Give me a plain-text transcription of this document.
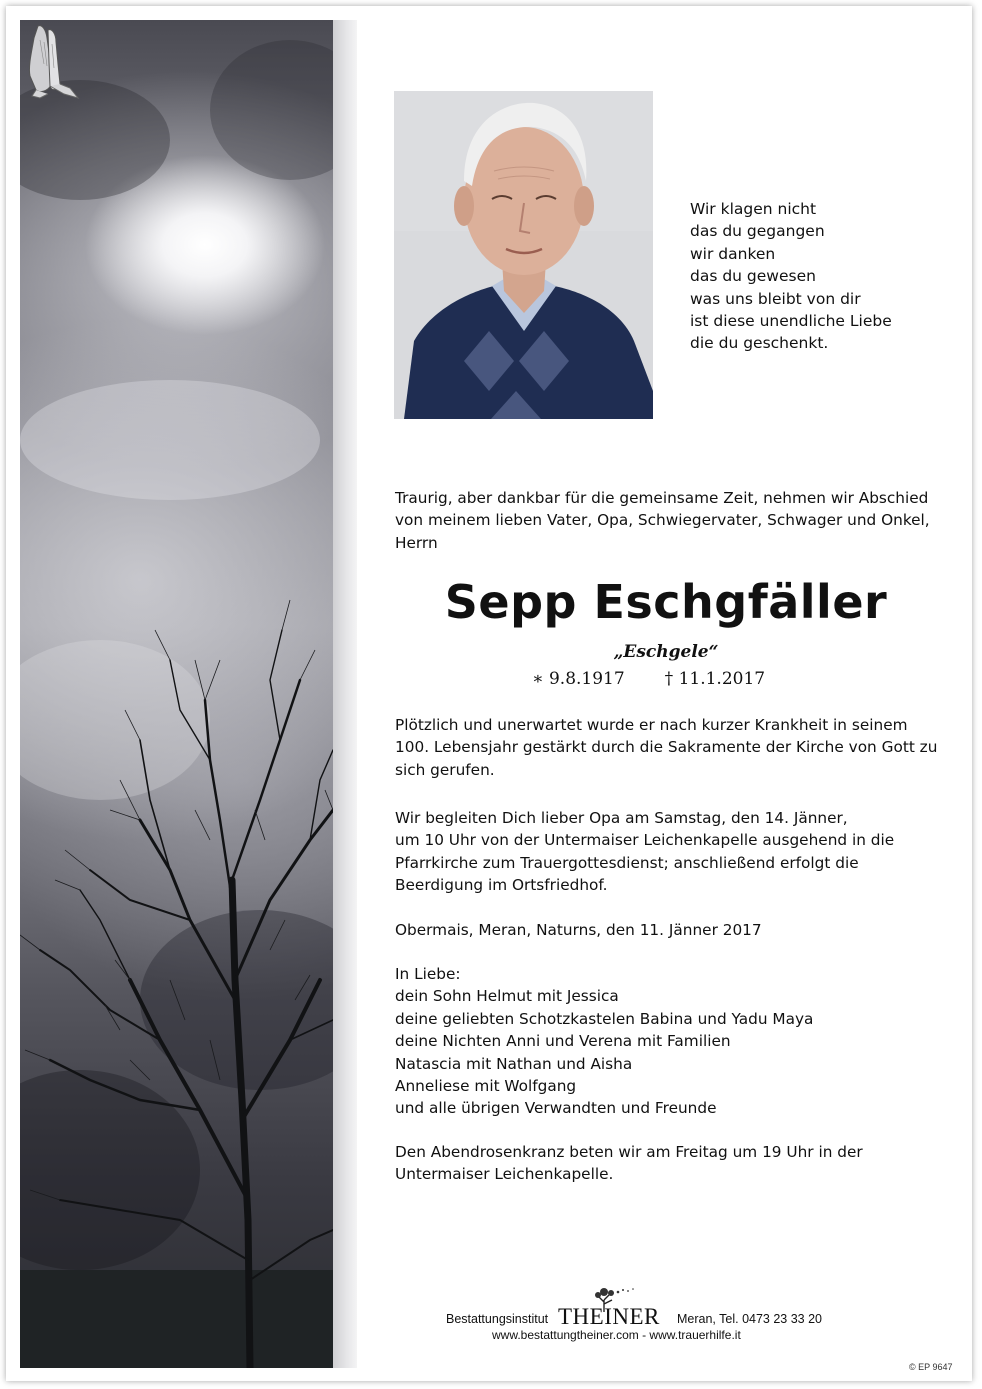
Wir klagen nicht
das du gegangen
wir danken
das du gewesen
was uns bleibt von dir
ist diese unendliche Liebe
die du geschenkt.
Traurig, aber dankbar für die gemeinsame Zeit, nehmen wir Abschied
von meinem lieben Vater, Opa, Schwiegervater, Schwager und Onkel,
Herrn
Sepp Eschgfäller
„Eschgele“
∗ 9.8.1917 † 11.1.2017
Plötzlich und unerwartet wurde er nach kurzer Krankheit in seinem
100. Lebensjahr gestärkt durch die Sakramente der Kirche von Gott zu
sich gerufen.
Wir begleiten Dich lieber Opa am Samstag, den 14. Jänner,
um 10 Uhr von der Untermaiser Leichenkapelle ausgehend in die
Pfarrkirche zum Trauergottesdienst; anschließend erfolgt die
Beerdigung im Ortsfriedhof.
Obermais, Meran, Naturns, den 11. Jänner 2017
In Liebe:
dein Sohn Helmut mit Jessica
deine geliebten Schotzkastelen Babina und Yadu Maya
deine Nichten Anni und Verena mit Familien
Natascia mit Nathan und Aisha
Anneliese mit Wolfgang
und alle übrigen Verwandten und Freunde
Den Abendrosenkranz beten wir am Freitag um 19 Uhr in der
Untermaiser Leichenkapelle.
Bestattungsinstitut THEINER Meran, Tel. 0473 23 33 20
www.bestattungtheiner.com - www.trauerhilfe.it
© EP 9647
